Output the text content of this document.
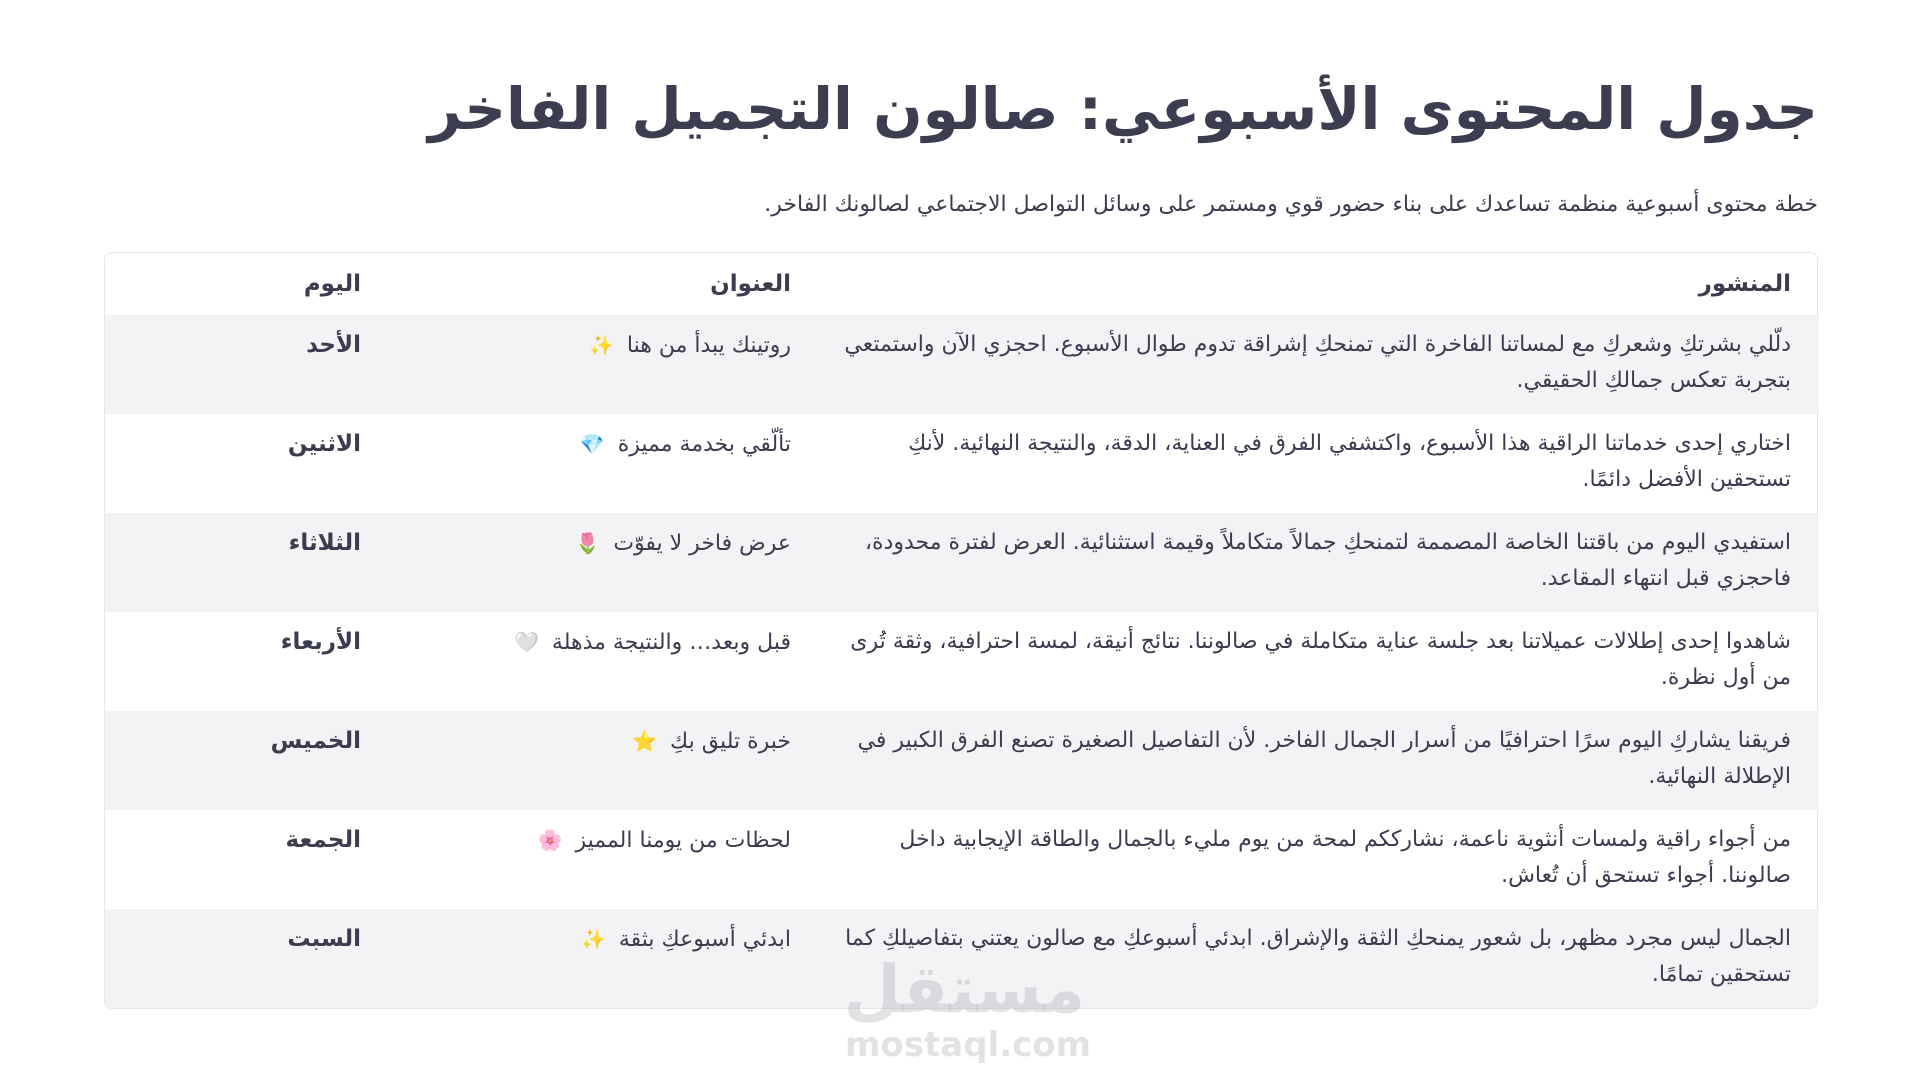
جدول المحتوى الأسبوعي: صالون التجميل الفاخر

خطة محتوى أسبوعية منظمة تساعدك على بناء حضور قوي ومستمر على وسائل التواصل الاجتماعي لصالونك الفاخر.

المنشور	العنوان	اليوم
دلّلي بشرتكِ وشعركِ مع لمساتنا الفاخرة التي تمنحكِ إشراقة تدوم طوال الأسبوع. احجزي الآن واستمتعي بتجربة تعكس جمالكِ الحقيقي.	روتينك يبدأ من هنا ✨	الأحد
اختاري إحدى خدماتنا الراقية هذا الأسبوع، واكتشفي الفرق في العناية، الدقة، والنتيجة النهائية. لأنكِ تستحقين الأفضل دائمًا.	تألّقي بخدمة مميزة 💎	الاثنين
استفيدي اليوم من باقتنا الخاصة المصممة لتمنحكِ جمالاً متكاملاً وقيمة استثنائية. العرض لفترة محدودة، فاحجزي قبل انتهاء المقاعد.	عرض فاخر لا يفوّت 🌷	الثلاثاء
شاهدوا إحدى إطلالات عميلاتنا بعد جلسة عناية متكاملة في صالوننا. نتائج أنيقة، لمسة احترافية، وثقة تُرى من أول نظرة.	قبل وبعد… والنتيجة مذهلة 🤍	الأربعاء
فريقنا يشاركِ اليوم سرًا احترافيًا من أسرار الجمال الفاخر. لأن التفاصيل الصغيرة تصنع الفرق الكبير في الإطلالة النهائية.	خبرة تليق بكِ ⭐	الخميس
من أجواء راقية ولمسات أنثوية ناعمة، نشارككم لمحة من يوم مليء بالجمال والطاقة الإيجابية داخل صالوننا. أجواء تستحق أن تُعاش.	لحظات من يومنا المميز 🌸	الجمعة
الجمال ليس مجرد مظهر، بل شعور يمنحكِ الثقة والإشراق. ابدئي أسبوعكِ مع صالون يعتني بتفاصيلكِ كما تستحقين تمامًا.	ابدئي أسبوعكِ بثقة ✨	السبت
مستقل
mostaql.com
